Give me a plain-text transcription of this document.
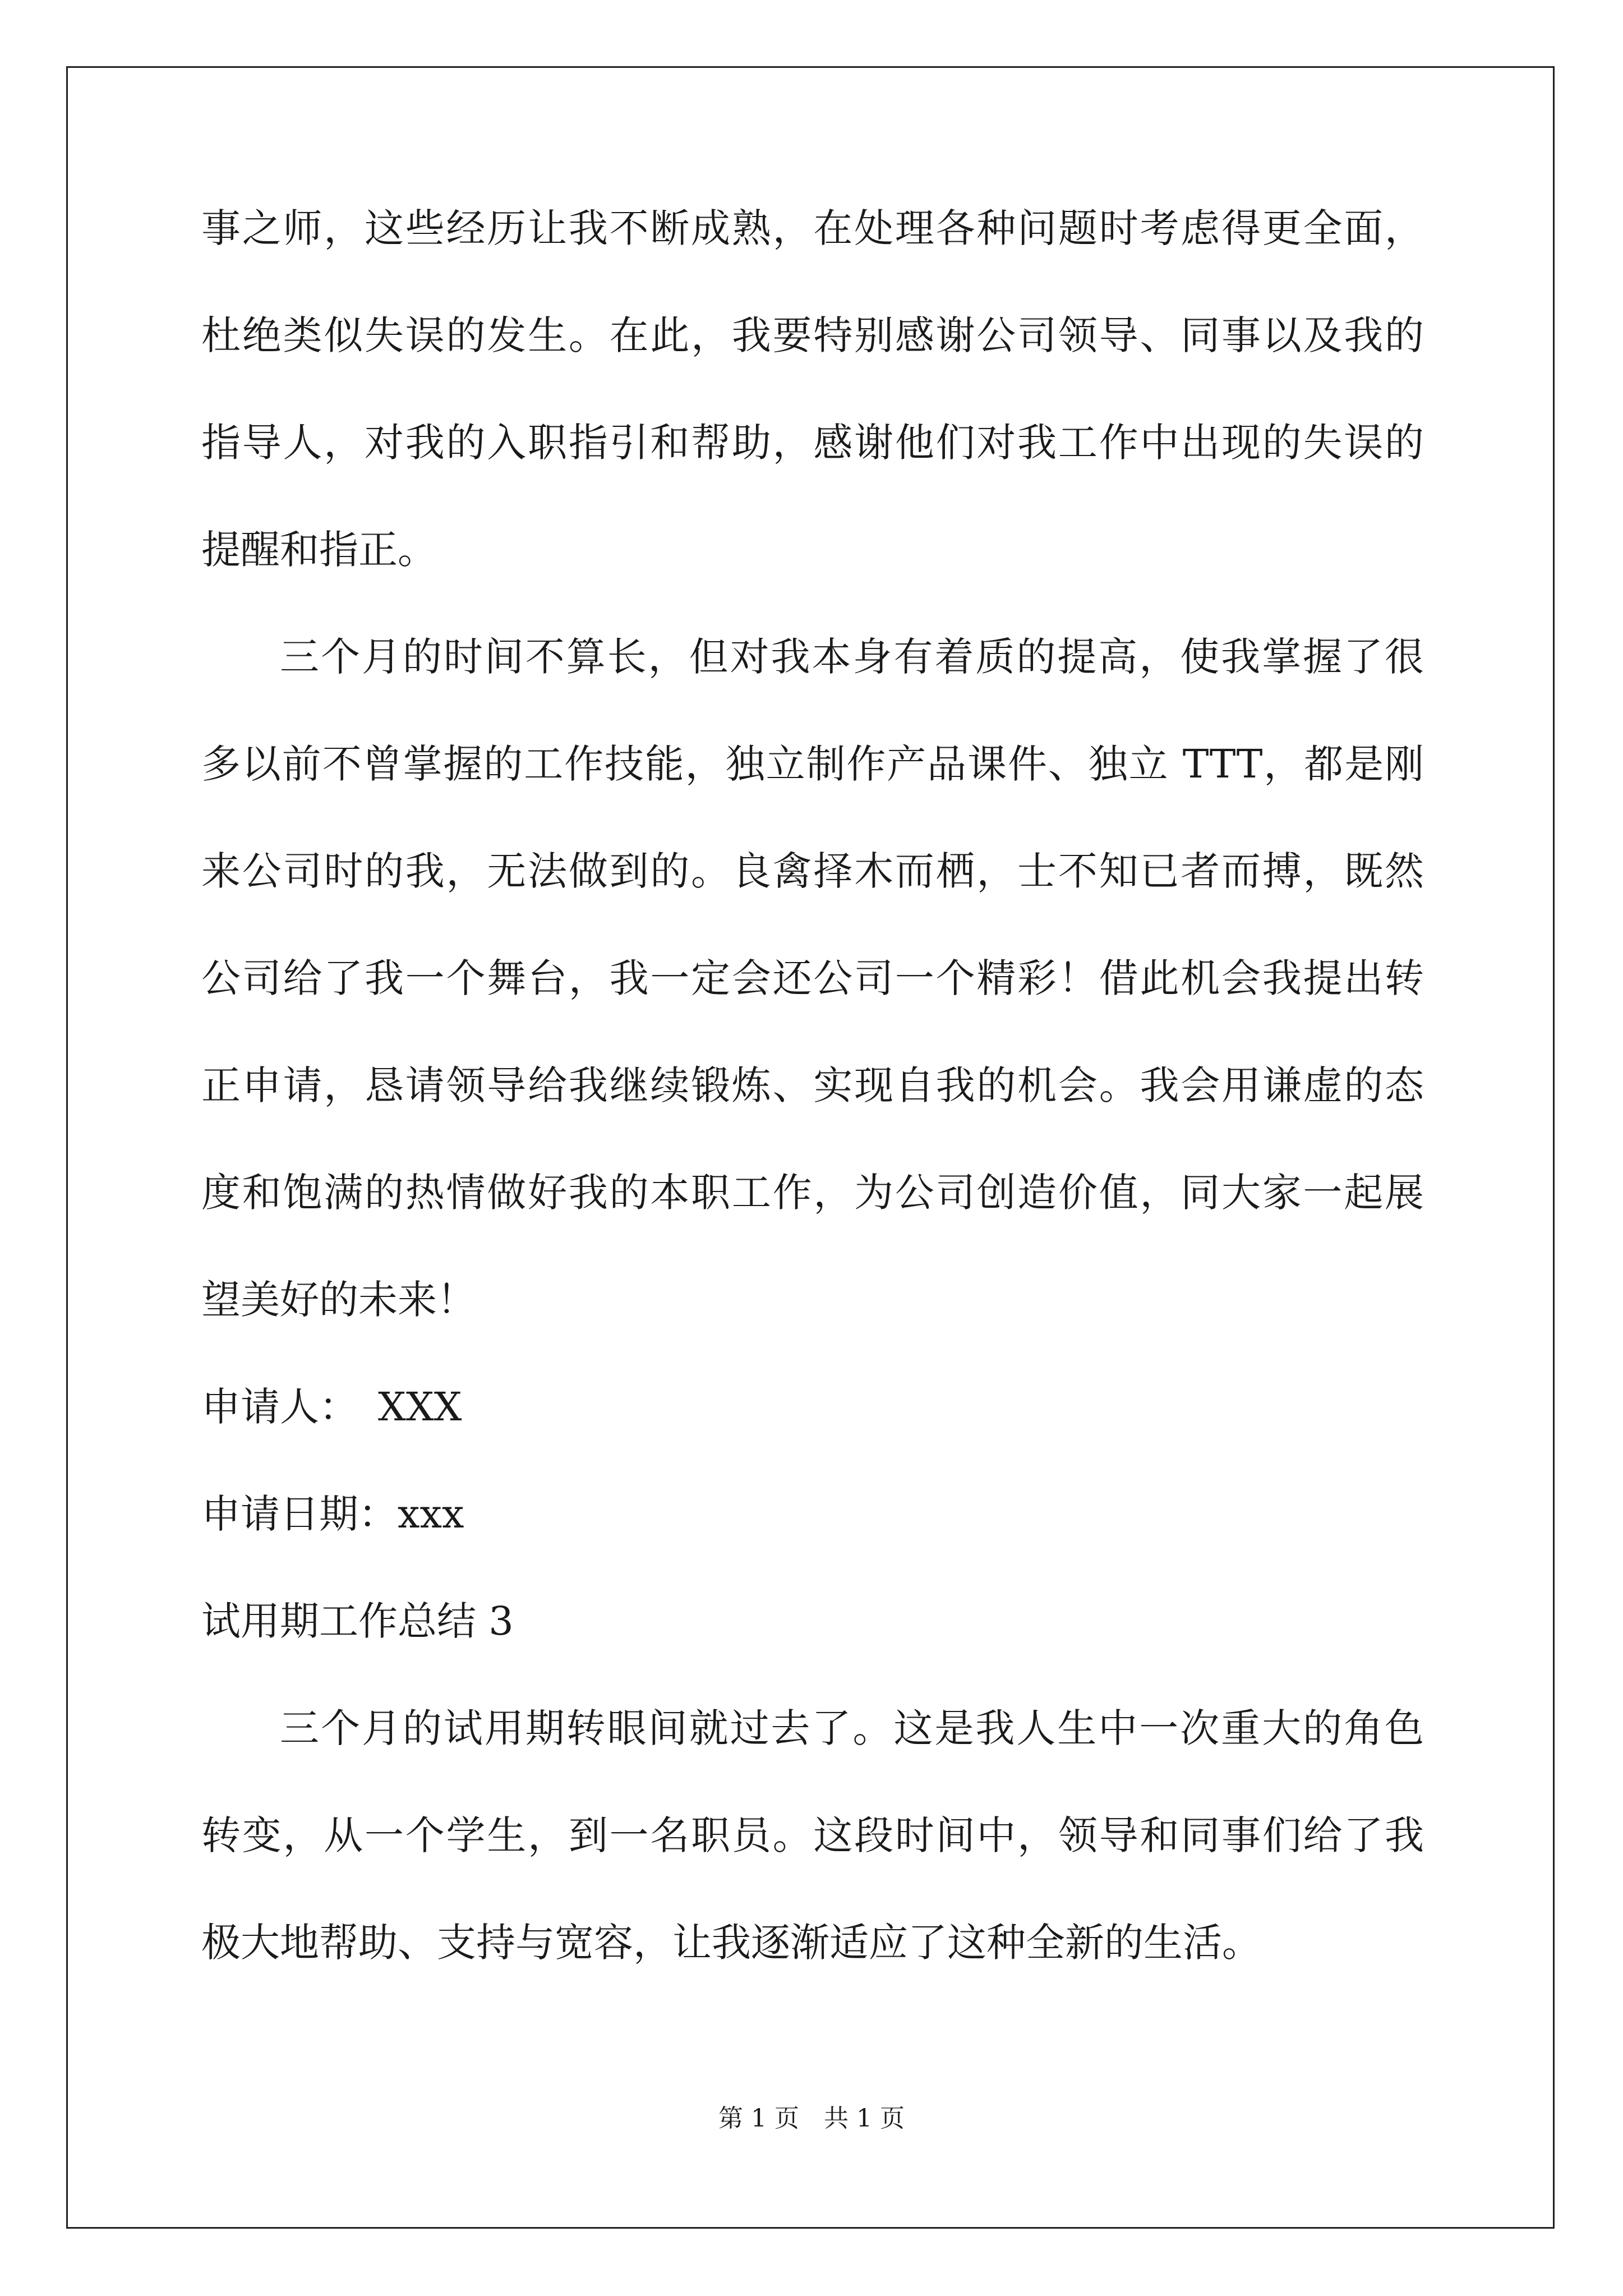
事之师，这些经历让我不断成熟，在处理各种问题时考虑得更全面，
杜绝类似失误的发生。在此，我要特别感谢公司领导、同事以及我的
指导人，对我的入职指引和帮助，感谢他们对我工作中出现的失误的
提醒和指正。
三个月的时间不算长，但对我本身有着质的提高，使我掌握了很
多以前不曾掌握的工作技能，独立制作产品课件、独立 TTT，都是刚
来公司时的我，无法做到的。良禽择木而栖，士不知已者而搏，既然
公司给了我一个舞台，我一定会还公司一个精彩！借此机会我提出转
正申请，恳请领导给我继续锻炼、实现自我的机会。我会用谦虚的态
度和饱满的热情做好我的本职工作，为公司创造价值，同大家一起展
望美好的未来！
申请人：　XXX
申请日期：xxx
试用期工作总结 3
三个月的试用期转眼间就过去了。这是我人生中一次重大的角色
转变，从一个学生，到一名职员。这段时间中，领导和同事们给了我
极大地帮助、支持与宽容，让我逐渐适应了这种全新的生活。
第 1 页　共 1 页
